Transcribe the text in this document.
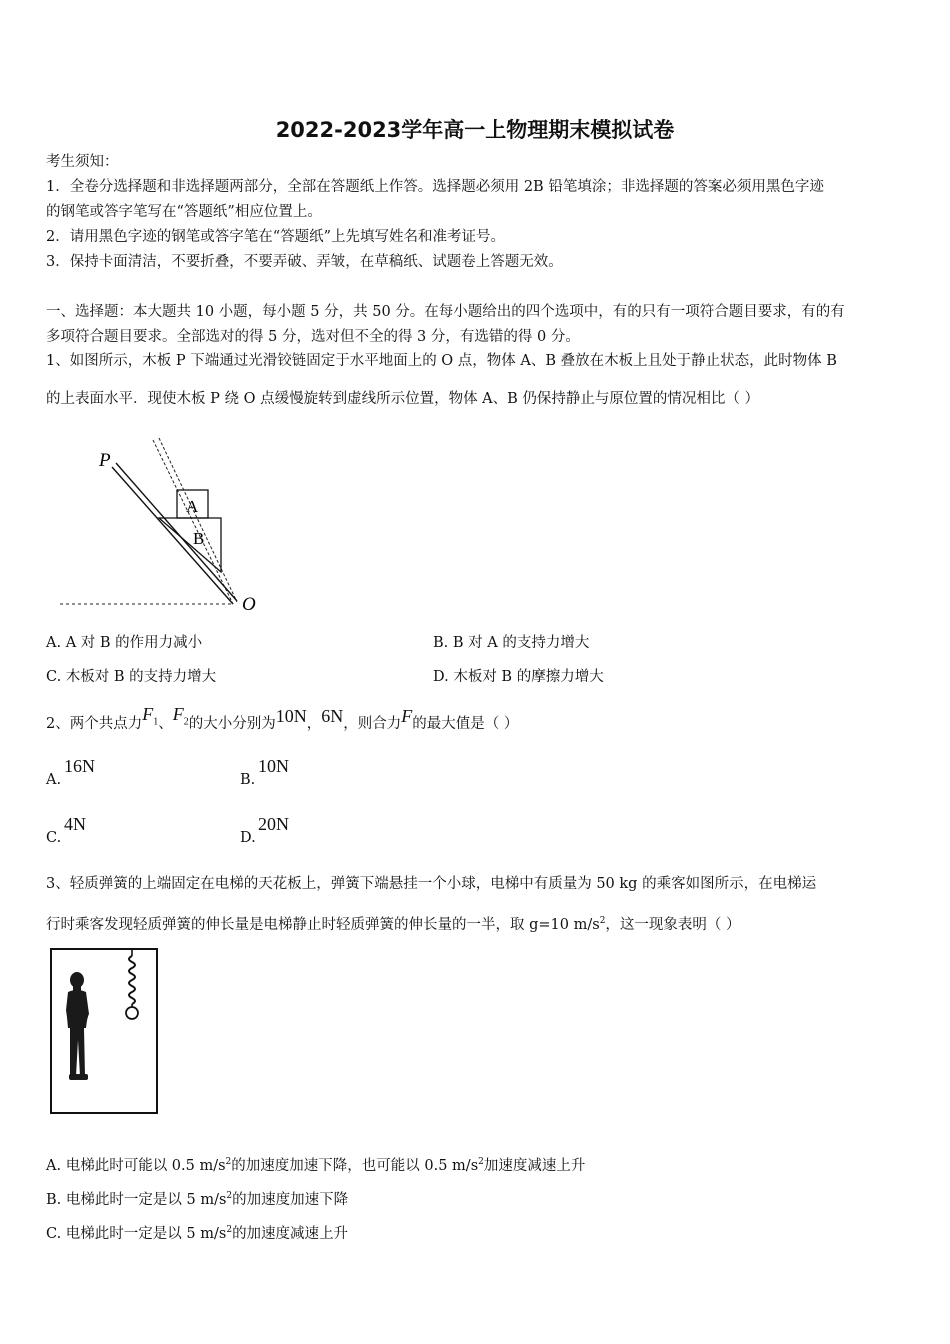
2022-2023学年高一上物理期末模拟试卷
考生须知：
1．全卷分选择题和非选择题两部分，全部在答题纸上作答。选择题必须用 2B 铅笔填涂；非选择题的答案必须用黑色字迹
的钢笔或答字笔写在“答题纸”相应位置上。
2．请用黑色字迹的钢笔或答字笔在“答题纸”上先填写姓名和准考证号。
3．保持卡面清洁，不要折叠，不要弄破、弄皱，在草稿纸、试题卷上答题无效。
一、选择题：本大题共 10 小题，每小题 5 分，共 50 分。在每小题给出的四个选项中，有的只有一项符合题目要求，有的有
多项符合题目要求。全部选对的得 5 分，选对但不全的得 3 分，有选错的得 0 分。
1、如图所示，木板 P 下端通过光滑铰链固定于水平地面上的 O 点，物体 A、B 叠放在木板上且处于静止状态，此时物体 B
的上表面水平．现使木板 P 绕 O 点缓慢旋转到虚线所示位置，物体 A、B 仍保持静止与原位置的情况相比（ ）
P
A
B
O
A. A 对 B 的作用力减小	B. B 对 A 的支持力增大
C. 木板对 B 的支持力增大	D. 木板对 B 的摩擦力增大
2、两个共点力$F_1$、$F_2$的大小分别为10N，6N，则合力F的最大值是（ ）
A.
16N
B.
10N
C.
4N
D.
20N
3、轻质弹簧的上端固定在电梯的天花板上，弹簧下端悬挂一个小球，电梯中有质量为 50 kg 的乘客如图所示，在电梯运
行时乘客发现轻质弹簧的伸长量是电梯静止时轻质弹簧的伸长量的一半，取 g=10 $m/s^2$，这一现象表明（ ）
A. 电梯此时可能以 0.5 $m/s^2$的加速度加速下降，也可能以 0.5 $m/s^2$加速度减速上升
B. 电梯此时一定是以 5 $m/s^2$的加速度加速下降
C. 电梯此时一定是以 5 $m/s^2$的加速度减速上升
